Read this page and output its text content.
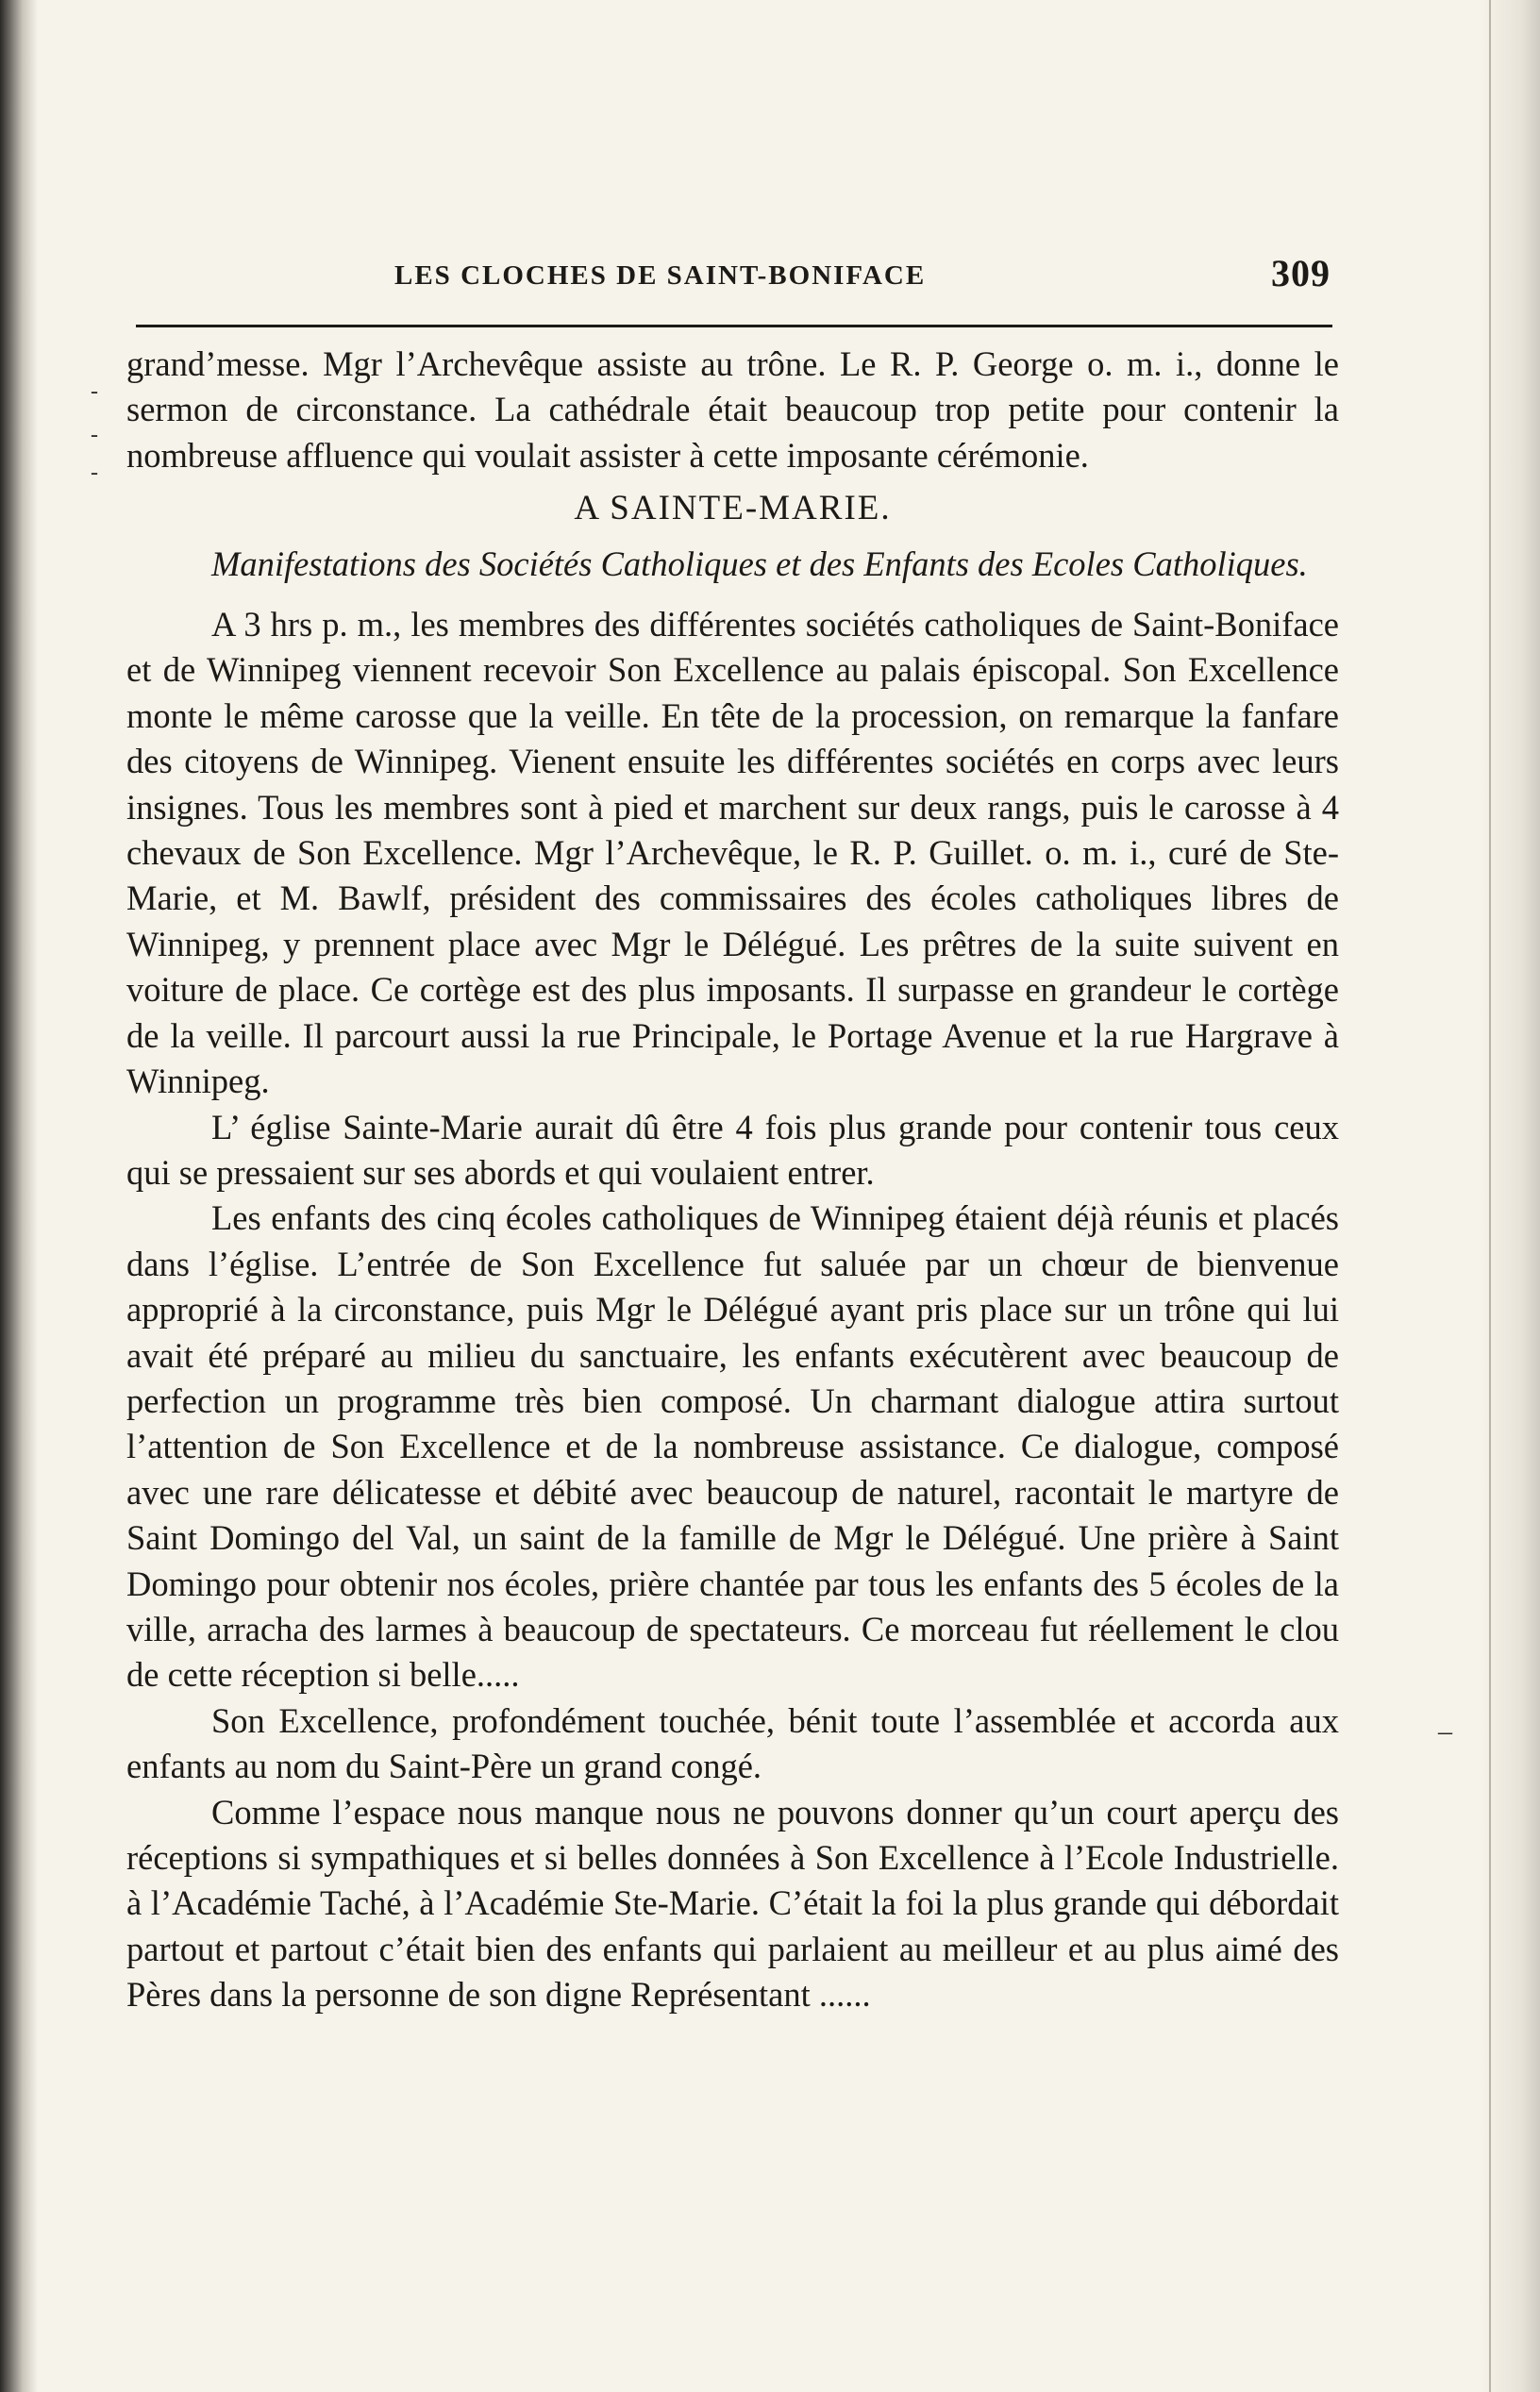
-
-
-
–
LES CLOCHES DE SAINT-BONIFACE	309

grand’messe. Mgr l’Archevêque assiste au trône. Le R. P. George o. m. i., donne le sermon de circonstance. La cathédrale était beaucoup trop petite pour contenir la nombreuse affluence qui voulait assister à cette imposante cérémonie.

A SAINTE-MARIE.

Manifestations des Sociétés Catholiques et des Enfants des Ecoles Catholiques.

A 3 hrs p. m., les membres des différentes sociétés catholiques de Saint-Boniface et de Winnipeg viennent recevoir Son Excellence au palais épiscopal. Son Excellence monte le même carosse que la veille. En tête de la procession, on remarque la fanfare des citoyens de Winnipeg. Vienent ensuite les différentes sociétés en corps avec leurs insignes. Tous les membres sont à pied et marchent sur deux rangs, puis le carosse à 4 chevaux de Son Excellence. Mgr l’Archevêque, le R. P. Guillet. o. m. i., curé de Ste-Marie, et M. Bawlf, président des commissaires des écoles catholiques libres de Winnipeg, y prennent place avec Mgr le Délégué. Les prêtres de la suite suivent en voiture de place. Ce cortège est des plus imposants. Il surpasse en grandeur le cortège de la veille. Il parcourt aussi la rue Principale, le Portage Avenue et la rue Hargrave à Winnipeg.

L’ église Sainte-Marie aurait dû être 4 fois plus grande pour contenir tous ceux qui se pressaient sur ses abords et qui voulaient entrer.

Les enfants des cinq écoles catholiques de Winnipeg étaient déjà réunis et placés dans l’église. L’entrée de Son Excellence fut saluée par un chœur de bienvenue approprié à la circonstance, puis Mgr le Délégué ayant pris place sur un trône qui lui avait été préparé au milieu du sanctuaire, les enfants exécutèrent avec beaucoup de perfection un programme très bien composé. Un charmant dialogue attira surtout l’attention de Son Excellence et de la nombreuse assistance. Ce dialogue, composé avec une rare délicatesse et débité avec beaucoup de naturel, racontait le martyre de Saint Domingo del Val, un saint de la famille de Mgr le Délégué. Une prière à Saint Domingo pour obtenir nos écoles, prière chantée par tous les enfants des 5 écoles de la ville, arracha des larmes à beaucoup de spectateurs. Ce morceau fut réellement le clou de cette réception si belle.....

Son Excellence, profondément touchée, bénit toute l’assemblée et accorda aux enfants au nom du Saint-Père un grand congé.

Comme l’espace nous manque nous ne pouvons donner qu’un court aperçu des réceptions si sympathiques et si belles données à Son Excellence à l’Ecole Industrielle. à l’Académie Taché, à l’Académie Ste-Marie. C’était la foi la plus grande qui débordait partout et partout c’était bien des enfants qui parlaient au meilleur et au plus aimé des Pères dans la personne de son digne Représentant ......
